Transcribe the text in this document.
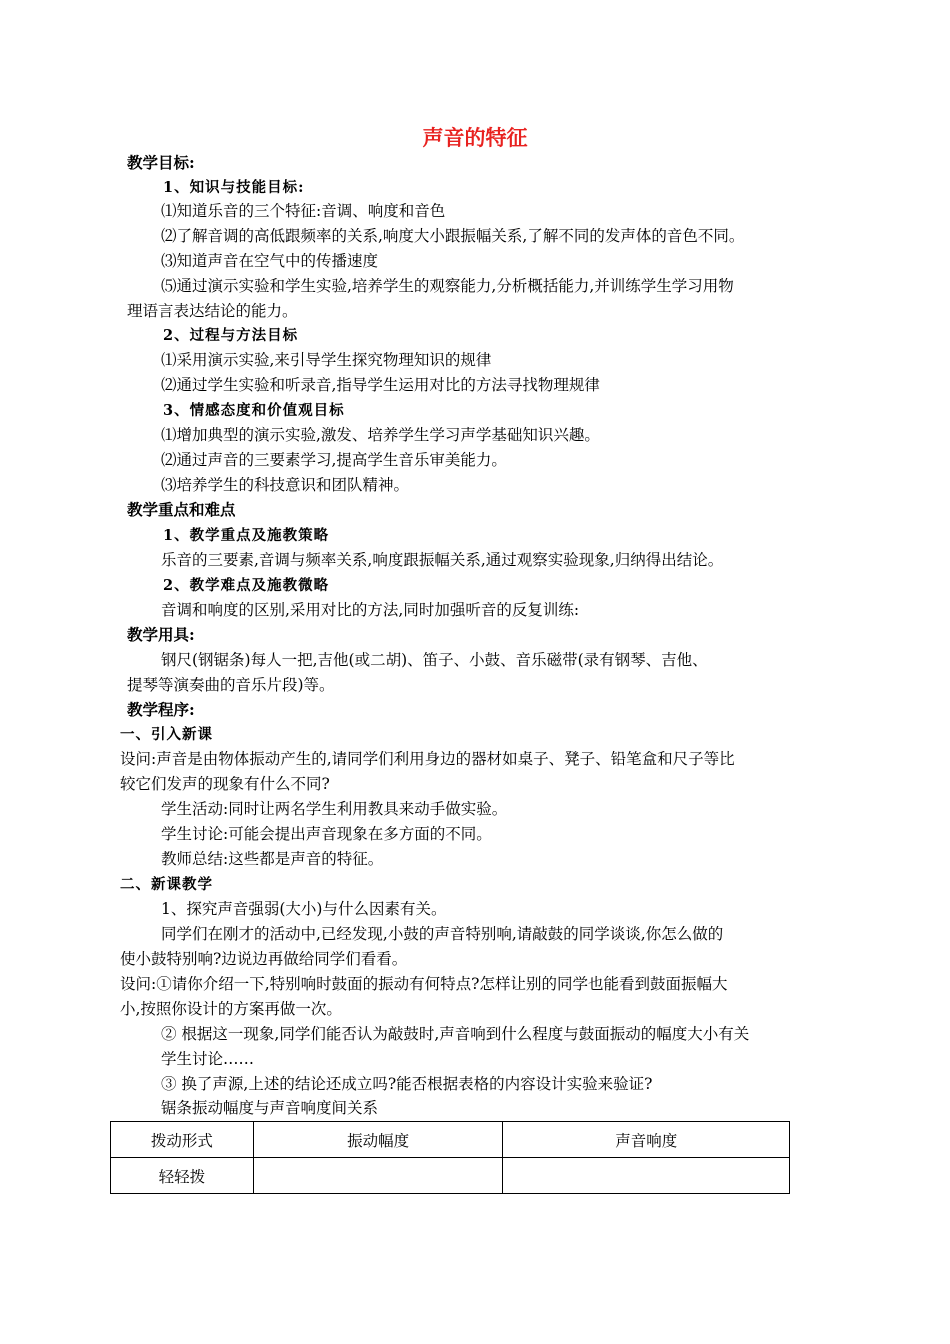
声音的特征
教学目标:
1、知识与技能目标:
⑴知道乐音的三个特征:音调、响度和音色
⑵了解音调的高低跟频率的关系,响度大小跟振幅关系,了解不同的发声体的音色不同。
⑶知道声音在空气中的传播速度
⑸通过演示实验和学生实验,培养学生的观察能力,分析概括能力,并训练学生学习用物
理语言表达结论的能力。
2、过程与方法目标
⑴采用演示实验,来引导学生探究物理知识的规律
⑵通过学生实验和听录音,指导学生运用对比的方法寻找物理规律
3、情感态度和价值观目标
⑴增加典型的演示实验,激发、培养学生学习声学基础知识兴趣。
⑵通过声音的三要素学习,提高学生音乐审美能力。
⑶培养学生的科技意识和团队精神。
教学重点和难点
1、教学重点及施教策略
乐音的三要素,音调与频率关系,响度跟振幅关系,通过观察实验现象,归纳得出结论。
2、教学难点及施教微略
音调和响度的区别,采用对比的方法,同时加强听音的反复训练:
教学用具:
钢尺(钢锯条)每人一把,吉他(或二胡)、笛子、小鼓、音乐磁带(录有钢琴、吉他、
提琴等演奏曲的音乐片段)等。
教学程序:
一、引入新课
设问:声音是由物体振动产生的,请同学们利用身边的器材如桌子、凳子、铅笔盒和尺子等比
较它们发声的现象有什么不同?
学生活动:同时让两名学生利用教具来动手做实验。
学生讨论:可能会提出声音现象在多方面的不同。
教师总结:这些都是声音的特征。
二、新课教学
1、探究声音强弱(大小)与什么因素有关。
同学们在刚才的活动中,已经发现,小鼓的声音特别响,请敲鼓的同学谈谈,你怎么做的
使小鼓特别响?边说边再做给同学们看看。
设问:①请你介绍一下,特别响时鼓面的振动有何特点?怎样让别的同学也能看到鼓面振幅大
小,按照你设计的方案再做一次。
② 根据这一现象,同学们能否认为敲鼓时,声音响到什么程度与鼓面振动的幅度大小有关
学生讨论……
③ 换了声源,上述的结论还成立吗?能否根据表格的内容设计实验来验证?
锯条振动幅度与声音响度间关系
拨动形式	振动幅度	声音响度
轻轻拨		
